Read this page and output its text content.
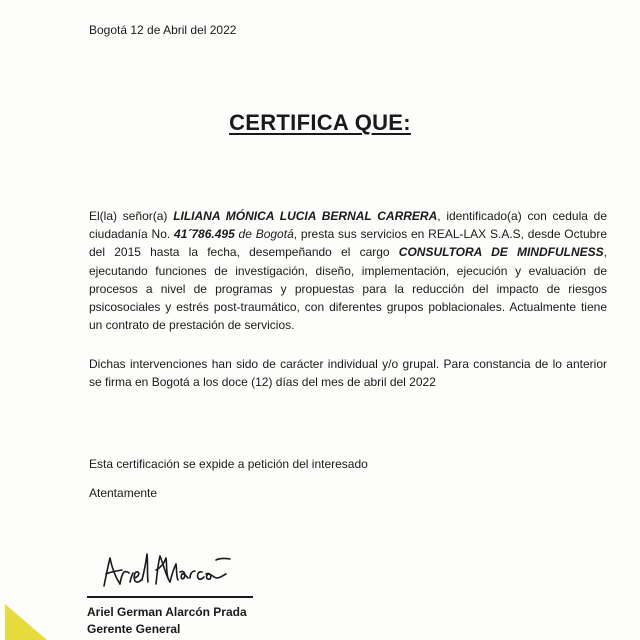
Bogotá 12 de Abril del 2022
CERTIFICA QUE:
El(la) señor(a) LILIANA MÓNICA LUCIA BERNAL CARRERA, identificado(a) con cedula de ciudadanía No. 41´786.495 de Bogotá, presta sus servicios en REAL-LAX S.A.S, desde Octubre del 2015 hasta la fecha, desempeñando el cargo CONSULTORA DE MINDFULNESS, ejecutando funciones de investigación, diseño, implementación, ejecución y evaluación de procesos a nivel de programas y propuestas para la reducción del impacto de riesgos psicosociales y estrés post-traumático, con diferentes grupos poblacionales. Actualmente tiene un contrato de prestación de servicios.
Dichas intervenciones han sido de carácter individual y/o grupal. Para constancia de lo anterior se firma en Bogotá a los doce (12) días del mes de abril del 2022
Esta certificación se expide a petición del interesado
Atentamente
Ariel German Alarcón Prada
Gerente General
